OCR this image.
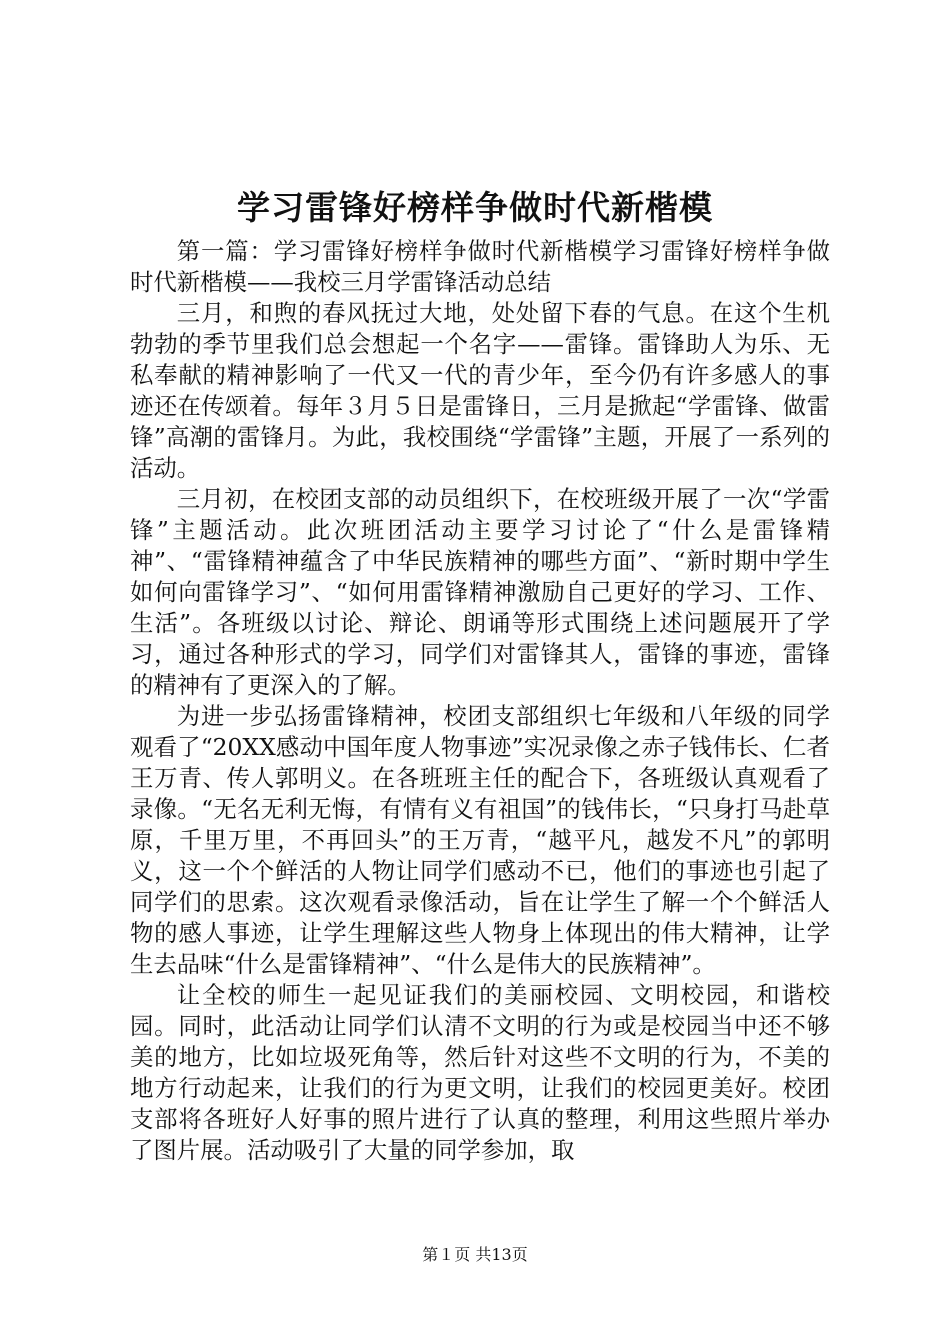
学习雷锋好榜样争做时代新楷模

第一篇：学习雷锋好榜样争做时代新楷模学习雷锋好榜样争做时代新楷模——我校三月学雷锋活动总结

三月，和煦的春风抚过大地，处处留下春的气息。在这个生机勃勃的季节里我们总会想起一个名字——雷锋。雷锋助人为乐、无私奉献的精神影响了一代又一代的青少年，至今仍有许多感人的事迹还在传颂着。每年３月５日是雷锋日，三月是掀起“学雷锋、做雷锋”高潮的雷锋月。为此，我校围绕“学雷锋”主题，开展了一系列的活动。

三月初，在校团支部的动员组织下，在校班级开展了一次“学雷锋”主题活动。此次班团活动主要学习讨论了“什么是雷锋精神”、“雷锋精神蕴含了中华民族精神的哪些方面”、“新时期中学生如何向雷锋学习”、“如何用雷锋精神激励自己更好的学习、工作、生活”。各班级以讨论、辩论、朗诵等形式围绕上述问题展开了学习，通过各种形式的学习，同学们对雷锋其人，雷锋的事迹，雷锋的精神有了更深入的了解。

为进一步弘扬雷锋精神，校团支部组织七年级和八年级的同学观看了“20XX感动中国年度人物事迹”实况录像之赤子钱伟长、仁者王万青、传人郭明义。在各班班主任的配合下，各班级认真观看了录像。“无名无利无悔，有情有义有祖国”的钱伟长，“只身打马赴草原，千里万里，不再回头”的王万青，“越平凡，越发不凡”的郭明义，这一个个鲜活的人物让同学们感动不已，他们的事迹也引起了同学们的思索。这次观看录像活动，旨在让学生了解一个个鲜活人物的感人事迹，让学生理解这些人物身上体现出的伟大精神，让学生去品味“什么是雷锋精神”、“什么是伟大的民族精神”。

让全校的师生一起见证我们的美丽校园、文明校园，和谐校园。同时，此活动让同学们认清不文明的行为或是校园当中还不够美的地方，比如垃圾死角等，然后针对这些不文明的行为，不美的地方行动起来，让我们的行为更文明，让我们的校园更美好。校团支部将各班好人好事的照片进行了认真的整理，利用这些照片举办了图片展。活动吸引了大量的同学参加，取

第１页 共13页
